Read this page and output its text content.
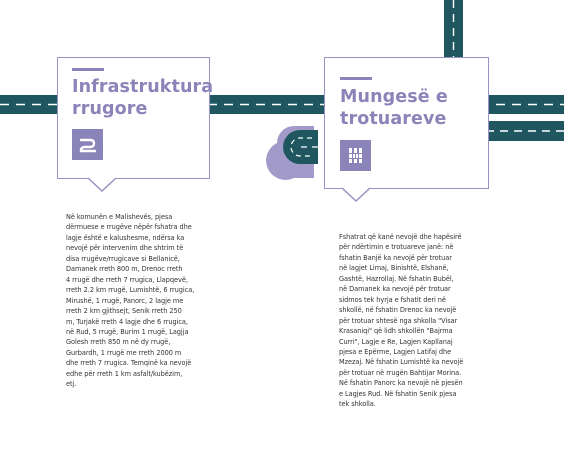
Infrastruktura
rrugore
Mungesë e
trotuareve
Në komunën e Malishevës, pjesa
dërmuese e rrugëve nëpër fshatra dhe
lagje është e kalushesme, ndërsa ka
nevojë për intervenim dhe shtrim të
disa rrugëve/rrugicave si Bellanicë,
Damanek rreth 800 m, Drenoc rreth
4 rrugë dhe rreth 7 rrugica, Llapqevë,
rreth 2.2 km rrugë, Lumishtë, 6 rrugica,
Mirushë, 1 rrugë, Panorc, 2 lagje me
rreth 2 km gjithsejt, Senik rreth 250
m, Turjakë rreth 4 lagje dhe 6 rrugica,
në Rud, 5 rrugë, Burim 1 rrugë, Lagjja
Golesh rreth 850 m në dy rrugë,
Gurbardh, 1 rrugë me rreth 2000 m
dhe rreth 7 rrugica. Temqinë ka nevojë
edhe për rreth 1 km asfalt/kubëzim,
etj.
Fshatrat që kanë nevojë dhe hapësirë
për ndërtimin e trotuareve janë: në
fshatin Banjë ka nevojë për trotuar
në lagjet Limaj, Binishtë, Elshanë,
Gashtë, Hazrollaj. Në fshatin Bubël,
në Damanek ka nevojë për trotuar
sidmos tek hyrja e fshatit deri në
shkollë, në fshatin Drenoc ka nevojë
për trotuar shtesë nga shkolla "Visar
Krasaniqi" që lidh shkollën "Bajrma
Curri", Lagje e Re, Lagjen Kapllanaj
pjesa e Epërme, Lagjen Latifaj dhe
Mzezaj. Në fshatin Lumishtë ka nevojë
për trotuar në rrugën Bahtijar Morina.
Në fshatin Panorc ka nevojë në pjesën
e Lagjes Rud. Në fshatin Senik pjesa
tek shkolla.
